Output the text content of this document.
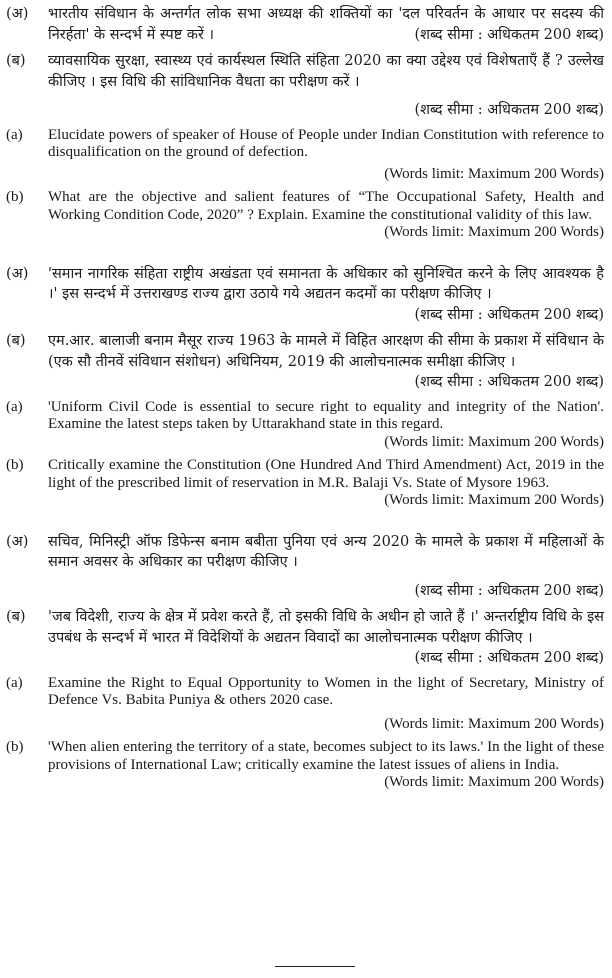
(अ)	भारतीय संविधान के अन्तर्गत लोक सभा अध्यक्ष की शक्तियों का 'दल परिवर्तन के आधार पर सदस्य की निरर्हता' के सन्दर्भ में स्पष्ट करें ।	(शब्द सीमा : अधिकतम 200 शब्द)
(ब)	व्यावसायिक सुरक्षा, स्वास्थ्य एवं कार्यस्थल स्थिति संहिता 2020 का क्या उद्देश्य एवं विशेषताएँ हैं ? उल्लेख कीजिए । इस विधि की सांविधानिक वैधता का परीक्षण करें ।
(शब्द सीमा : अधिकतम 200 शब्द)
(a)	Elucidate powers of speaker of House of People under Indian Constitution with reference to disqualification on the ground of defection.
(Words limit: Maximum 200 Words)
(b)	What are the objective and salient features of “The Occupational Safety, Health and Working Condition Code, 2020” ? Explain. Examine the constitutional validity of this law.
(Words limit: Maximum 200 Words)
(अ)	'समान नागरिक संहिता राष्ट्रीय अखंडता एवं समानता के अधिकार को सुनिश्चित करने के लिए आवश्यक है ।' इस सन्दर्भ में उत्तराखण्ड राज्य द्वारा उठाये गये अद्यतन कदमों का परीक्षण कीजिए ।
(शब्द सीमा : अधिकतम 200 शब्द)
(ब)	एम.आर. बालाजी बनाम मैसूर राज्य 1963 के मामले में विहित आरक्षण की सीमा के प्रकाश में संविधान के (एक सौ तीनवें संविधान संशोधन) अधिनियम, 2019 की आलोचनात्मक समीक्षा कीजिए ।
(शब्द सीमा : अधिकतम 200 शब्द)
(a)	'Uniform Civil Code is essential to secure right to equality and integrity of the Nation'. Examine the latest steps taken by Uttarakhand state in this regard.
(Words limit: Maximum 200 Words)
(b)	Critically examine the Constitution (One Hundred And Third Amendment) Act, 2019 in the light of the prescribed limit of reservation in M.R. Balaji Vs. State of Mysore 1963.
(Words limit: Maximum 200 Words)
(अ)	सचिव, मिनिस्ट्री ऑफ डिफेन्स बनाम बबीता पुनिया एवं अन्य 2020 के मामले के प्रकाश में महिलाओं के समान अवसर के अधिकार का परीक्षण कीजिए ।
(शब्द सीमा : अधिकतम 200 शब्द)
(ब)	'जब विदेशी, राज्य के क्षेत्र में प्रवेश करते हैं, तो इसकी विधि के अधीन हो जाते हैं ।' अन्तर्राष्ट्रीय विधि के इस उपबंध के सन्दर्भ में भारत में विदेशियों के अद्यतन विवादों का आलोचनात्मक परीक्षण कीजिए ।
(शब्द सीमा : अधिकतम 200 शब्द)
(a)	Examine the Right to Equal Opportunity to Women in the light of Secretary, Ministry of Defence Vs. Babita Puniya & others 2020 case.
(Words limit: Maximum 200 Words)
(b)	'When alien entering the territory of a state, becomes subject to its laws.' In the light of these provisions of International Law; critically examine the latest issues of aliens in India.
(Words limit: Maximum 200 Words)
